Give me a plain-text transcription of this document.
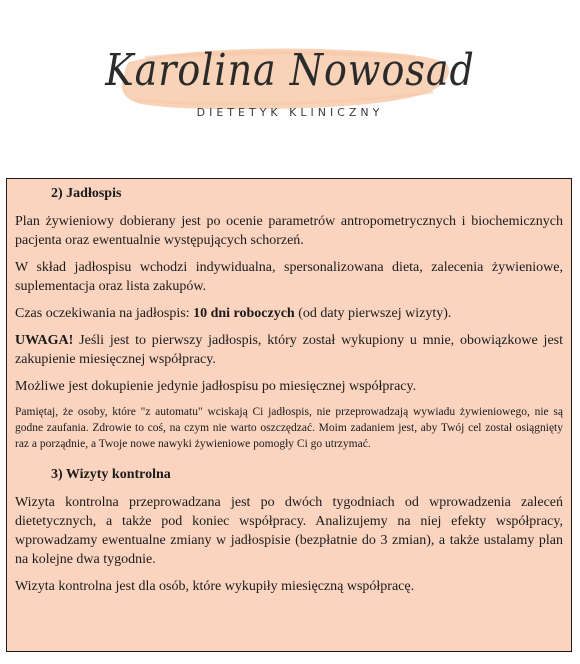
Karolina Nowosad
DIETETYK KLINICZNY
2) Jadłospis
Plan żywieniowy dobierany jest po ocenie parametrów antropometrycznych i biochemicznych pacjenta oraz ewentualnie występujących schorzeń.
W skład jadłospisu wchodzi indywidualna, spersonalizowana dieta, zalecenia żywieniowe, suplementacja oraz lista zakupów.
Czas oczekiwania na jadłospis: 10 dni roboczych (od daty pierwszej wizyty).
UWAGA! Jeśli jest to pierwszy jadłospis, który został wykupiony u mnie, obowiązkowe jest zakupienie miesięcznej współpracy.
Możliwe jest dokupienie jedynie jadłospisu po miesięcznej współpracy.
Pamiętaj, że osoby, które "z automatu" wciskają Ci jadłospis, nie przeprowadzają wywiadu żywieniowego, nie są godne zaufania. Zdrowie to coś, na czym nie warto oszczędzać. Moim zadaniem jest, aby Twój cel został osiągnięty raz a porządnie, a Twoje nowe nawyki żywieniowe pomogły Ci go utrzymać.
3) Wizyty kontrolna
Wizyta kontrolna przeprowadzana jest po dwóch tygodniach od wprowadzenia zaleceń dietetycznych, a także pod koniec współpracy. Analizujemy na niej efekty współpracy, wprowadzamy ewentualne zmiany w jadłospisie (bezpłatnie do 3 zmian), a także ustalamy plan na kolejne dwa tygodnie.
Wizyta kontrolna jest dla osób, które wykupiły miesięczną współpracę.
